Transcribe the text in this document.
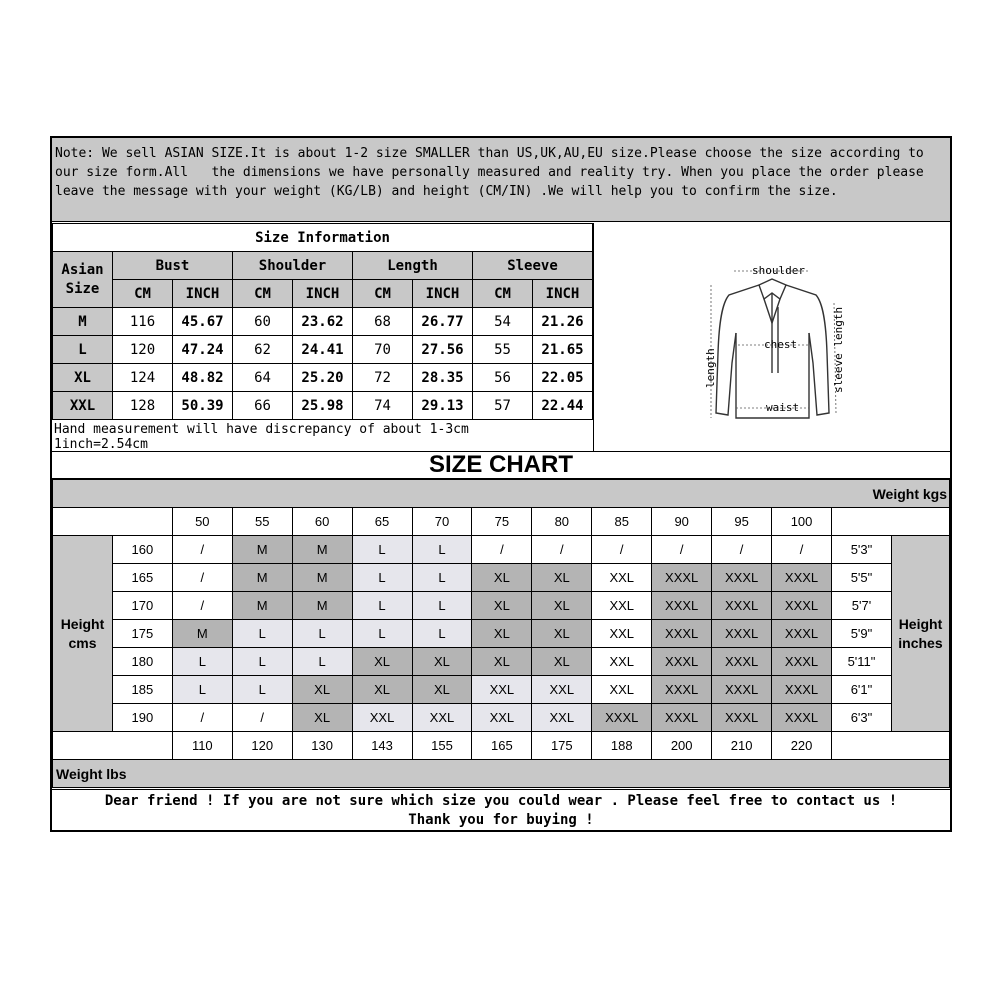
Note: We sell ASIAN SIZE.It is about 1-2 size SMALLER than US,UK,AU,EU size.Please choose the size according to our size form.All   the dimensions we have personally measured and reality try. When you place the order please leave the message with your weight (KG/LB) and height (CM/IN) .We will help you to confirm the size.
Size Information								
Asian Size	Bust		Shoulder		Length		Sleeve	
	CM	INCH	CM	INCH	CM	INCH	CM	INCH
M	116	45.67	60	23.62	68	26.77	54	21.26
L	120	47.24	62	24.41	70	27.56	55	21.65
XL	124	48.82	64	25.20	72	28.35	56	22.05
XXL	128	50.39	66	25.98	74	29.13	57	22.44
Hand measurement will have discrepancy of about 1-3cm
1inch=2.54cm
shoulder
chest
waist
length	sleeve length
SIZE CHART
Weight kgs														
		50	55	60	65	70	75	80	85	90	95	100		
Height cms	160	/	M	M	L	L	/	/	/	/	/	/	5'3"	Height inches
	165	/	M	M	L	L	XL	XL	XXL	XXXL	XXXL	XXXL	5'5"	
	170	/	M	M	L	L	XL	XL	XXL	XXXL	XXXL	XXXL	5'7'	
	175	M	L	L	L	L	XL	XL	XXL	XXXL	XXXL	XXXL	5'9"	
	180	L	L	L	XL	XL	XL	XL	XXL	XXXL	XXXL	XXXL	5'11"	
	185	L	L	XL	XL	XL	XXL	XXL	XXL	XXXL	XXXL	XXXL	6'1"	
	190	/	/	XL	XXL	XXL	XXL	XXL	XXXL	XXXL	XXXL	XXXL	6'3"	
		110	120	130	143	155	165	175	188	200	210	220		
Weight lbs														
Dear friend ! If you are not sure which size you could wear . Please feel free to contact us !
Thank you for buying !
